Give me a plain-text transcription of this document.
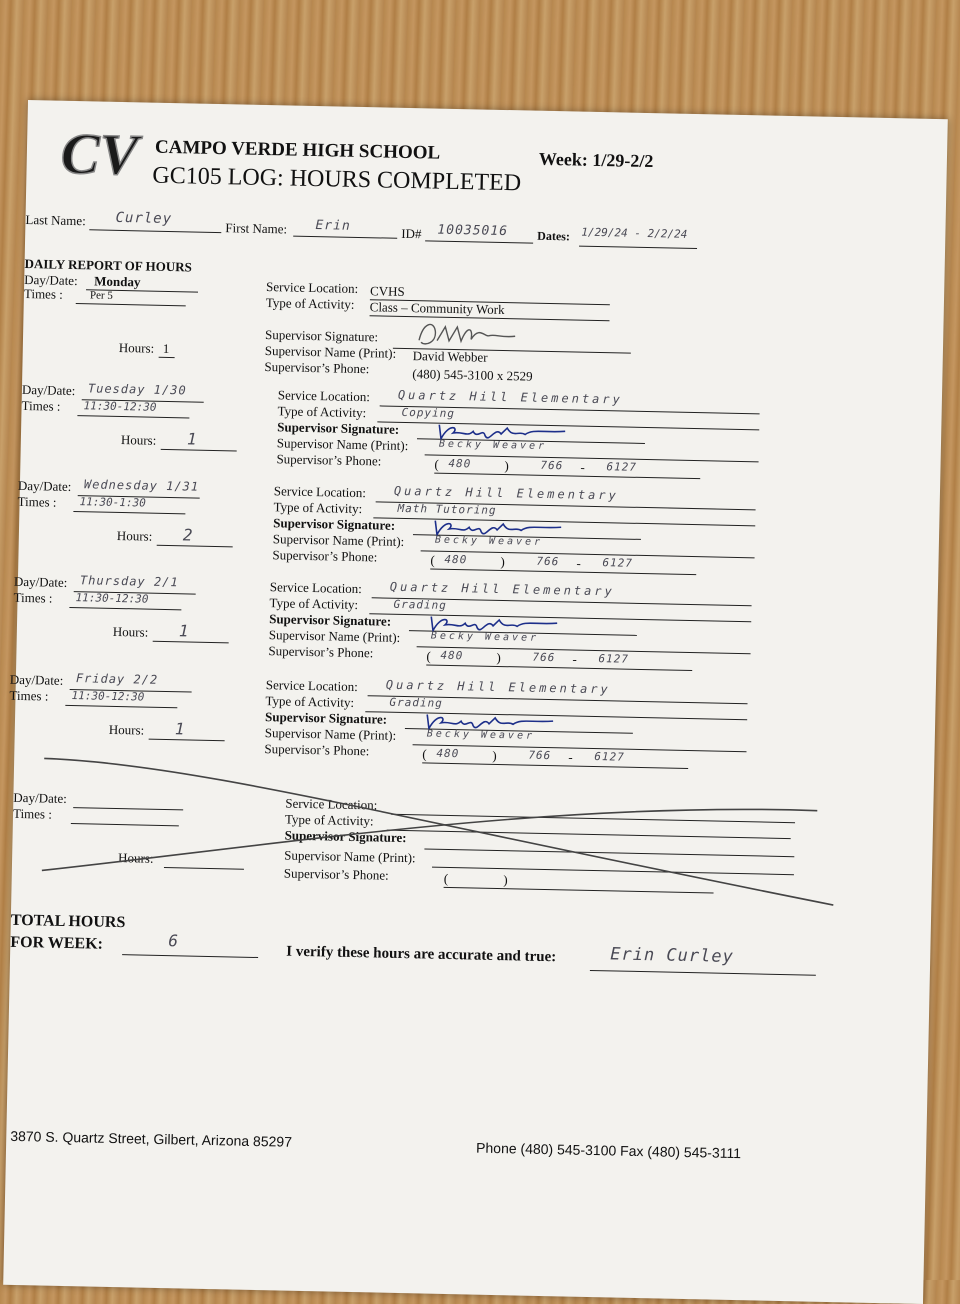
CV CAMPO VERDE HIGH SCHOOL	Week: 1/29-2/2
GC105 LOG: HOURS COMPLETED
Last Name: Curley
First Name: Erin	ID# 10035016 Dates: 1/29/24 - 2/2/24
DAILY REPORT OF HOURS
Day/Date: Monday
Times : Per 5
Hours: 1
Service Location: CVHS
Type of Activity: Class – Community Work
Supervisor Signature:
Supervisor Name (Print): David Webber
Supervisor’s Phone:	(480) 545-3100 x 2529
Day/Date: Tuesday 1/30
Times : 11:30-12:30
Hours: 1
Service Location: Quartz Hill Elementary
Type of Activity:	Copying
Supervisor Signature:
Supervisor Name (Print):	Becky Weaver
Supervisor’s Phone:	( 480	)	766 - 6127
Day/Date: Wednesday 1/31
Times : 11:30-1:30
Hours: 2
Service Location: Quartz Hill Elementary
Type of Activity:	Math Tutoring
Supervisor Signature:
Supervisor Name (Print):	Becky Weaver
Supervisor’s Phone:	( 480	)	766 - 6127
Day/Date: Thursday 2/1
Times : 11:30-12:30
Hours: 1
Service Location: Quartz Hill Elementary
Type of Activity:	Grading
Supervisor Signature:
Supervisor Name (Print):	Becky Weaver
Supervisor’s Phone:	( 480	)	766 - 6127
Day/Date: Friday 2/2
Times : 11:30-12:30
Hours: 1
Service Location: Quartz Hill Elementary
Type of Activity:	Grading
Supervisor Signature:
Supervisor Name (Print):	Becky Weaver
Supervisor’s Phone:	( 480	)	766 - 6127
Day/Date:
Times :
Hours:
Service Location:
Type of Activity:
Supervisor Signature:
Supervisor Name (Print):
Supervisor’s Phone:	(                 )
TOTAL HOURS
FOR WEEK:	6
I verify these hours are accurate and true:	Erin Curley
3870 S. Quartz Street, Gilbert, Arizona 85297
Phone (480) 545-3100 Fax (480) 545-3111
